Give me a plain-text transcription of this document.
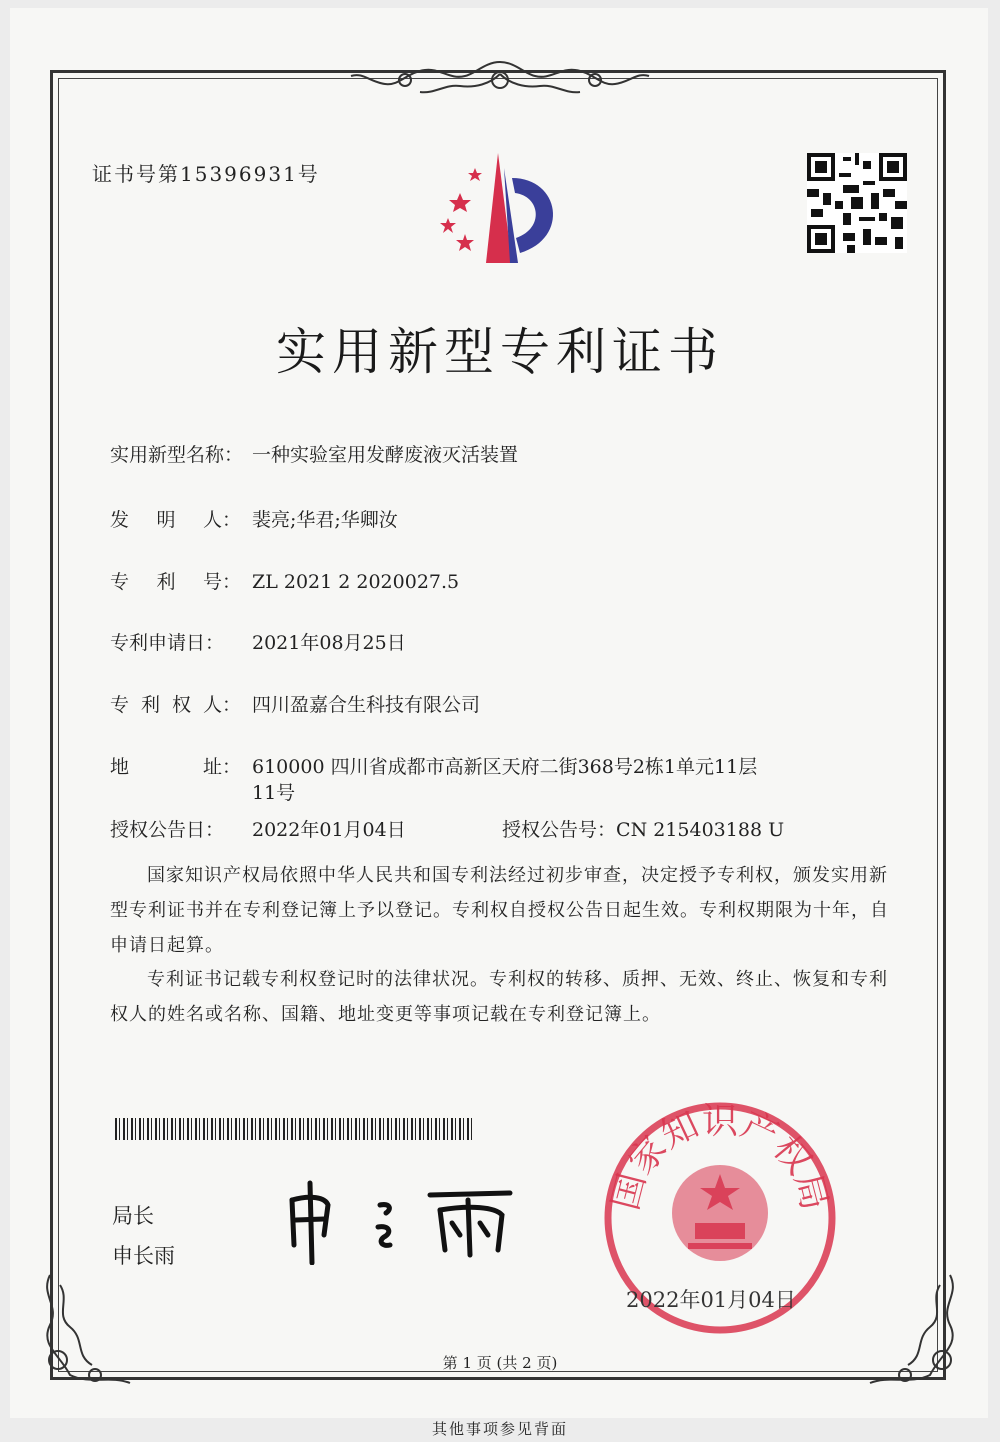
证书号第15396931号
实用新型专利证书
实用新型名称： 一种实验室用发酵废液灭活装置
发 明 人 ： 裴亮;华君;华卿汝
专 利 号 ： ZL 2021 2 2020027.5
专利申请日： 2021年08月25日
专 利 权 人 ： 四川盈嘉合生科技有限公司
地	址 ： 610000 四川省成都市高新区天府二街368号2栋1单元11层
11号
授权公告日： 2022年01月04日	授权公告号：CN 215403188 U
国家知识产权局依照中华人民共和国专利法经过初步审查，决定授予专利权，颁发实用新型专利证书并在专利登记簿上予以登记。专利权自授权公告日起生效。专利权期限为十年，自申请日起算。
专利证书记载专利权登记时的法律状况。专利权的转移、质押、无效、终止、恢复和专利权人的姓名或名称、国籍、地址变更等事项记载在专利登记簿上。
局长
申长雨
国家知识产权局
2022年01月04日
第 1 页 (共 2 页)
其他事项参见背面
